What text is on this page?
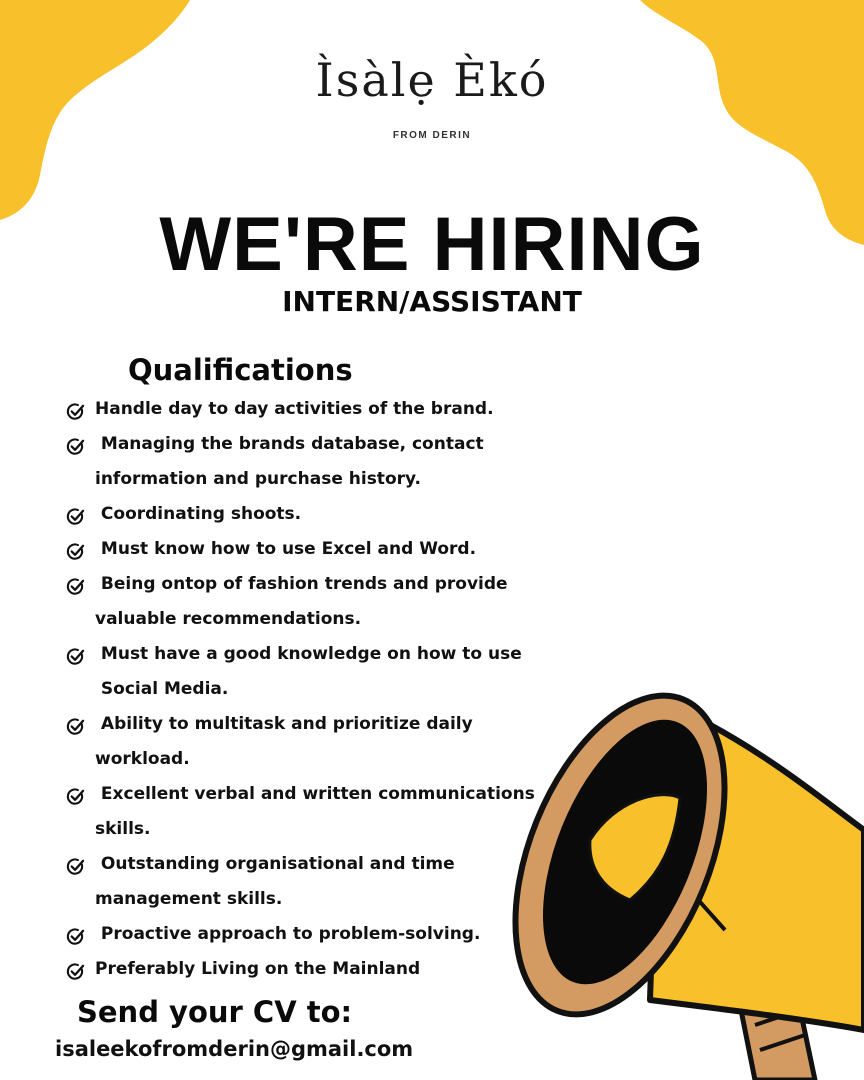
Ìsàlẹ Èkó
FROM DERIN
WE'RE HIRING
INTERN/ASSISTANT
Qualifications
Handle day to day activities of the brand.
Managing the brands database, contact
information and purchase history.
Coordinating shoots.
Must know how to use Excel and Word.
Being ontop of fashion trends and provide
valuable recommendations.
Must have a good knowledge on how to use
Social Media.
Ability to multitask and prioritize daily
workload.
Excellent verbal and written communications
skills.
Outstanding organisational and time
management skills.
Proactive approach to problem-solving.
Preferably Living on the Mainland
Send your CV to:
isaleekofromderin@gmail.com
